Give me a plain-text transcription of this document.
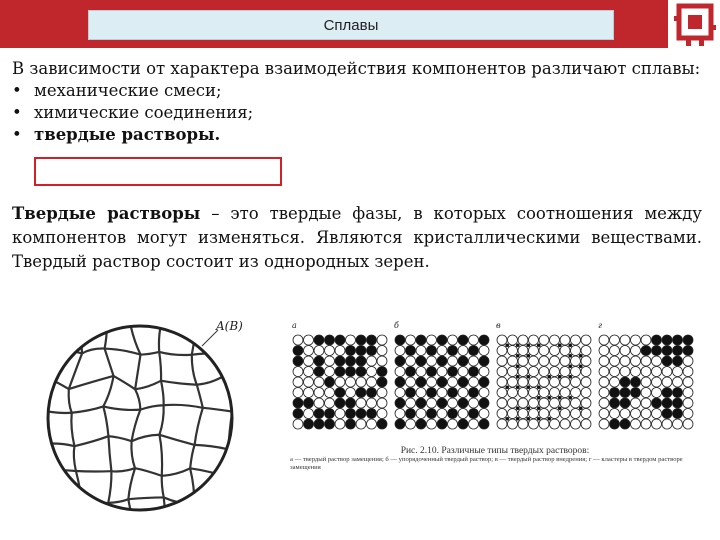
Сплавы
В зависимости от характера взаимодействия компонентов различают сплавы:
• механические смеси;
• химические соединения;
• твердые растворы.
Твердые растворы – это твердые фазы, в которых соотношения между компонентов могут изменяться. Являются кристаллическими веществами. Твердый раствор состоит из однородных зерен.
A(B)	а	б	в	г
Рис. 2.10. Различные типы твердых растворов:
а — твердый раствор замещения; б — упорядоченный твердый раствор; в — твердый раствор внедрения; г — кластеры в твердом растворе замещения
